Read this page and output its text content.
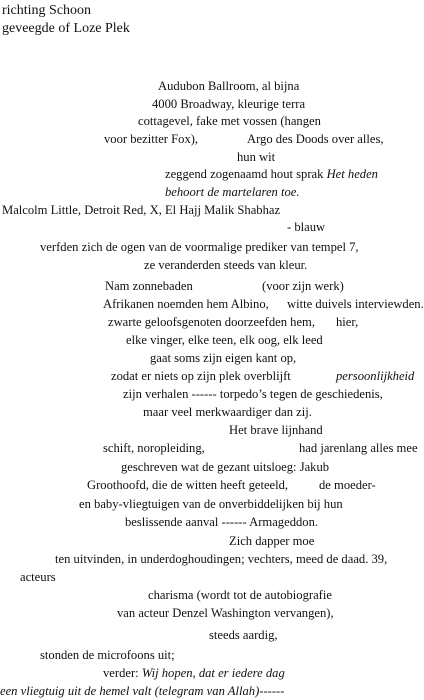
richting Schoon
geveegde of Loze Plek
Audubon Ballroom, al bijna
4000 Broadway, kleurige terra
cottagevel, fake met vossen (hangen
voor bezitter Fox),	Argo des Doods over alles,
hun wit
zeggend zogenaamd hout sprak Het heden
behoort de martelaren toe.
Malcolm Little, Detroit Red, X, El Hajj Malik Shabhaz
- blauw
verfden zich de ogen van de voormalige prediker van tempel 7,
ze veranderden steeds van kleur.
Nam zonnebaden	(voor zijn werk)
Afrikanen noemden hem Albino, witte duivels interviewden.
zwarte geloofsgenoten doorzeefden hem, hier,
elke vinger, elke teen, elk oog, elk leed
gaat soms zijn eigen kant op,
zodat er niets op zijn plek overblijft	persoonlijkheid
zijn verhalen ------ torpedo’s tegen de geschiedenis,
maar veel merkwaardiger dan zij.
Het brave lijnhand
schift, noropleiding,	had jarenlang alles mee
geschreven wat de gezant uitsloeg: Jakub
Groothoofd, die de witten heeft geteeld, de moeder-
en baby-vliegtuigen van de onverbiddelijken bij hun
beslissende aanval ------ Armageddon.
Zich dapper moe
ten uitvinden, in underdoghoudingen; vechters, meed de daad. 39,
acteurs
charisma (wordt tot de autobiografie
van acteur Denzel Washington vervangen),
steeds aardig,
stonden de microfoons uit;
verder: Wij hopen, dat er iedere dag
een vliegtuig uit de hemel valt (telegram van Allah)------
